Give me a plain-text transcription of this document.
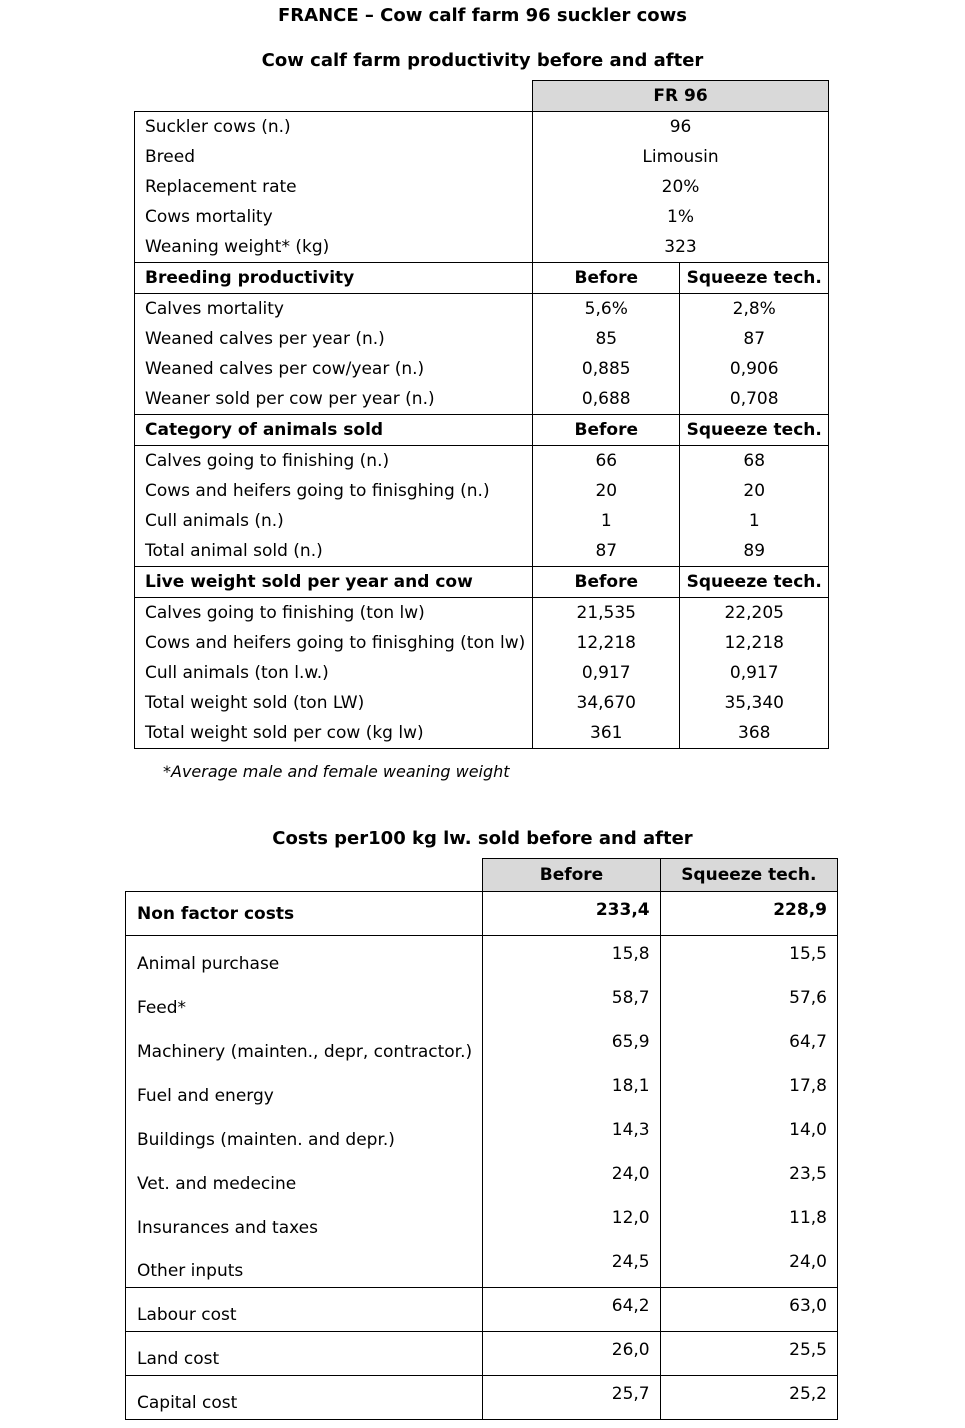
FRANCE – Cow calf farm 96 suckler cows
Cow calf farm productivity before and after
	FR 96	
Suckler cows (n.)	96	
Breed	Limousin	
Replacement rate	20%	
Cows mortality	1%	
Weaning weight* (kg)	323	
Breeding productivity	Before	Squeeze tech.
Calves mortality	5,6%	2,8%
Weaned calves per year (n.)	85	87
Weaned calves per cow/year (n.)	0,885	0,906
Weaner sold per cow per year (n.)	0,688	0,708
Category of animals sold	Before	Squeeze tech.
Calves going to finishing (n.)	66	68
Cows and heifers going to finisghing (n.)	20	20
Cull animals (n.)	1	1
Total animal sold (n.)	87	89
Live weight sold per year and cow	Before	Squeeze tech.
Calves going to finishing (ton lw)	21,535	22,205
Cows and heifers going to finisghing (ton lw)	12,218	12,218
Cull animals (ton l.w.)	0,917	0,917
Total weight sold (ton LW)	34,670	35,340
Total weight sold per cow (kg lw)	361	368
*Average male and female weaning weight
Costs per100 kg lw. sold before and after
	Before	Squeeze tech.
Non factor costs	233,4	228,9
Animal purchase	15,8	15,5
Feed*	58,7	57,6
Machinery (mainten., depr, contractor.)	65,9	64,7
Fuel and energy	18,1	17,8
Buildings (mainten. and depr.)	14,3	14,0
Vet. and medecine	24,0	23,5
Insurances and taxes	12,0	11,8
Other inputs	24,5	24,0
Labour cost	64,2	63,0
Land cost	26,0	25,5
Capital cost	25,7	25,2
